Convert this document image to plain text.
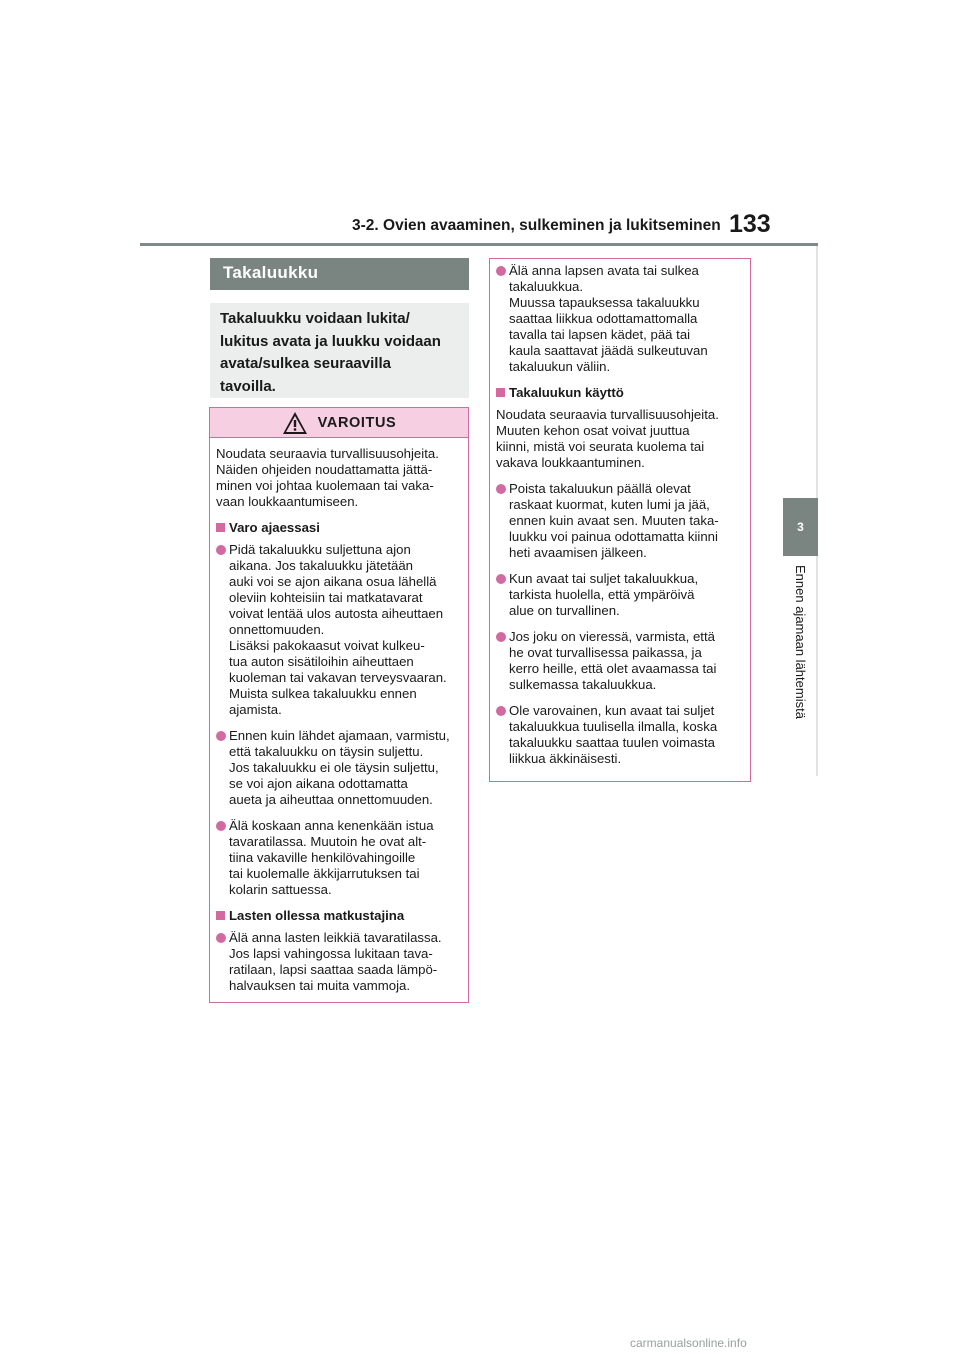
3-2. Ovien avaaminen, sulkeminen ja lukitseminen 133
3
Ennen ajamaan lähtemistä
Takaluukku
Takaluukku voidaan lukita/
lukitus avata ja luukku voidaan
avata/sulkea seuraavilla
tavoilla.
VAROITUS
Noudata seuraavia turvallisuusohjeita.
Näiden ohjeiden noudattamatta jättä-
minen voi johtaa kuolemaan tai vaka-
vaan loukkaantumiseen.
Varo ajaessasi
Pidä takaluukku suljettuna ajon
aikana. Jos takaluukku jätetään
auki voi se ajon aikana osua lähellä
oleviin kohteisiin tai matkatavarat
voivat lentää ulos autosta aiheuttaen
onnettomuuden.
Lisäksi pakokaasut voivat kulkeu-
tua auton sisätiloihin aiheuttaen
kuoleman tai vakavan terveysvaaran.
Muista sulkea takaluukku ennen
ajamista.
Ennen kuin lähdet ajamaan, varmistu,
että takaluukku on täysin suljettu.
Jos takaluukku ei ole täysin suljettu,
se voi ajon aikana odottamatta
aueta ja aiheuttaa onnettomuuden.
Älä koskaan anna kenenkään istua
tavaratilassa. Muutoin he ovat alt-
tiina vakaville henkilövahingoille
tai kuolemalle äkkijarrutuksen tai
kolarin sattuessa.
Lasten ollessa matkustajina
Älä anna lasten leikkiä tavaratilassa.
Jos lapsi vahingossa lukitaan tava-
ratilaan, lapsi saattaa saada lämpö-
halvauksen tai muita vammoja.
Älä anna lapsen avata tai sulkea
takaluukkua.
Muussa tapauksessa takaluukku
saattaa liikkua odottamattomalla
tavalla tai lapsen kädet, pää tai
kaula saattavat jäädä sulkeutuvan
takaluukun väliin.
Takaluukun käyttö
Noudata seuraavia turvallisuusohjeita.
Muuten kehon osat voivat juuttua
kiinni, mistä voi seurata kuolema tai
vakava loukkaantuminen.
Poista takaluukun päällä olevat
raskaat kuormat, kuten lumi ja jää,
ennen kuin avaat sen. Muuten taka-
luukku voi painua odottamatta kiinni
heti avaamisen jälkeen.
Kun avaat tai suljet takaluukkua,
tarkista huolella, että ympäröivä
alue on turvallinen.
Jos joku on vieressä, varmista, että
he ovat turvallisessa paikassa, ja
kerro heille, että olet avaamassa tai
sulkemassa takaluukkua.
Ole varovainen, kun avaat tai suljet
takaluukkua tuulisella ilmalla, koska
takaluukku saattaa tuulen voimasta
liikkua äkkinäisesti.
carmanualsonline.info
